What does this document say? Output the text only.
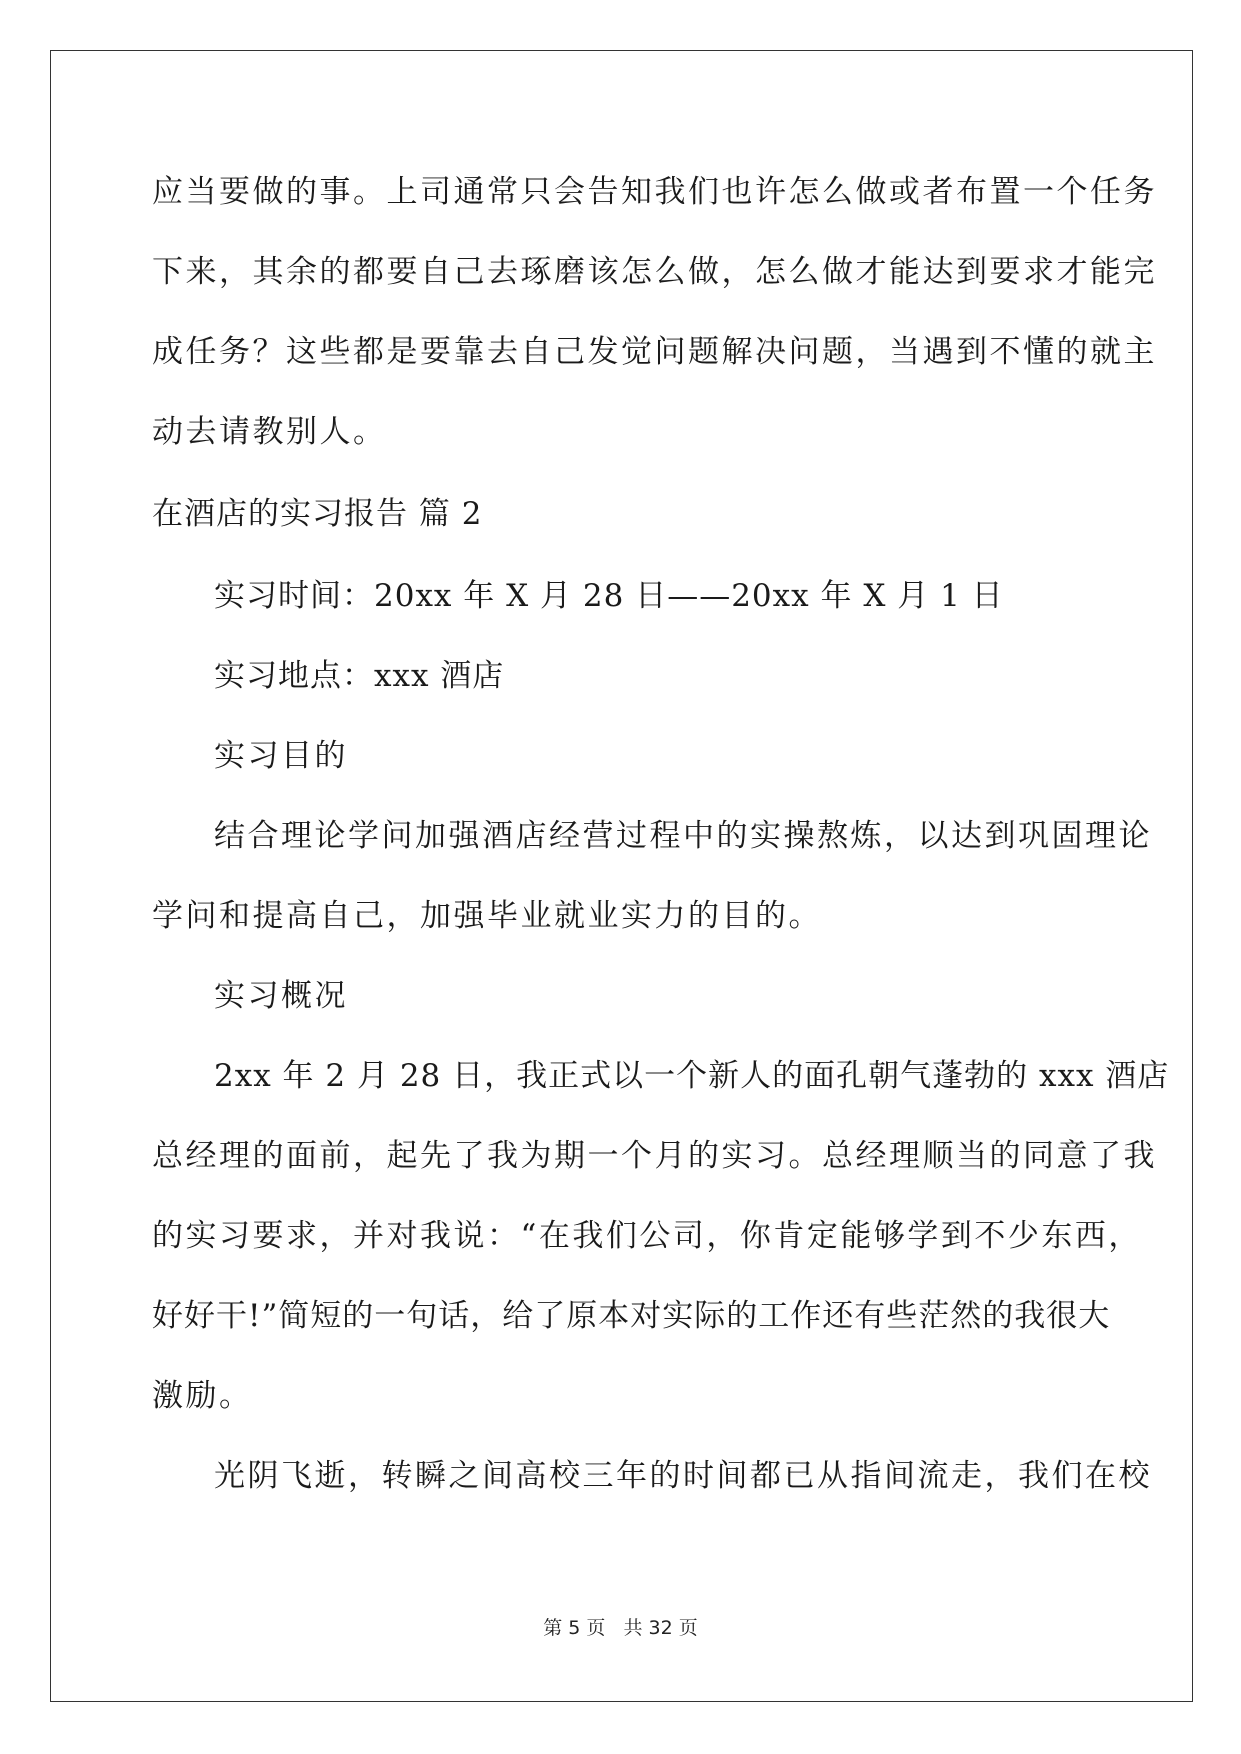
应当要做的事。上司通常只会告知我们也许怎么做或者布置一个任务
下来，其余的都要自己去琢磨该怎么做，怎么做才能达到要求才能完
成任务？这些都是要靠去自己发觉问题解决问题，当遇到不懂的就主
动去请教别人。
在酒店的实习报告 篇 2
实习时间：20xx 年 X 月 28 日——20xx 年 X 月 1 日
实习地点：xxx 酒店
实习目的
结合理论学问加强酒店经营过程中的实操熬炼，以达到巩固理论
学问和提高自己，加强毕业就业实力的目的。
实习概况
2xx 年 2 月 28 日，我正式以一个新人的面孔朝气蓬勃的 xxx 酒店
总经理的面前，起先了我为期一个月的实习。总经理顺当的同意了我
的实习要求，并对我说：“在我们公司，你肯定能够学到不少东西，
好好干!”简短的一句话，给了原本对实际的工作还有些茫然的我很大
激励。
光阴飞逝，转瞬之间高校三年的时间都已从指间流走，我们在校
第 5 页 共 32 页
